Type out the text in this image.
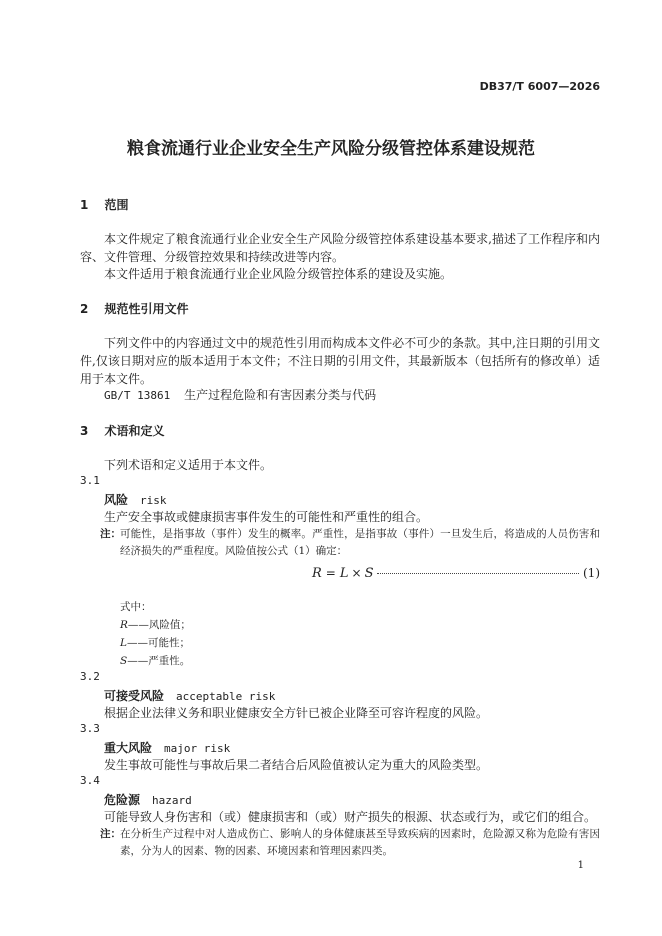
DB37/T 6007—2026
粮食流通行业企业安全生产风险分级管控体系建设规范
1 范围
本文件规定了粮食流通行业企业安全生产风险分级管控体系建设基本要求,描述了工作程序和内容、文件管理、分级管控效果和持续改进等内容。
本文件适用于粮食流通行业企业风险分级管控体系的建设及实施。
2 规范性引用文件
下列文件中的内容通过文中的规范性引用而构成本文件必不可少的条款。其中,注日期的引用文件,仅该日期对应的版本适用于本文件；不注日期的引用文件，其最新版本（包括所有的修改单）适用于本文件。
GB/T 13861 生产过程危险和有害因素分类与代码
3 术语和定义
下列术语和定义适用于本文件。
3.1
风险 risk
生产安全事故或健康损害事件发生的可能性和严重性的组合。
注： 可能性，是指事故（事件）发生的概率。严重性，是指事故（事件）一旦发生后，将造成的人员伤害和经济损失的严重程度。风险值按公式（1）确定：
R = L × S	(1)
式中：
R——风险值；
L——可能性；
S——严重性。
3.2
可接受风险 acceptable risk
根据企业法律义务和职业健康安全方针已被企业降至可容许程度的风险。
3.3
重大风险 major risk
发生事故可能性与事故后果二者结合后风险值被认定为重大的风险类型。
3.4
危险源 hazard
可能导致人身伤害和（或）健康损害和（或）财产损失的根源、状态或行为，或它们的组合。
注： 在分析生产过程中对人造成伤亡、影响人的身体健康甚至导致疾病的因素时，危险源又称为危险有害因素，分为人的因素、物的因素、环境因素和管理因素四类。
1
